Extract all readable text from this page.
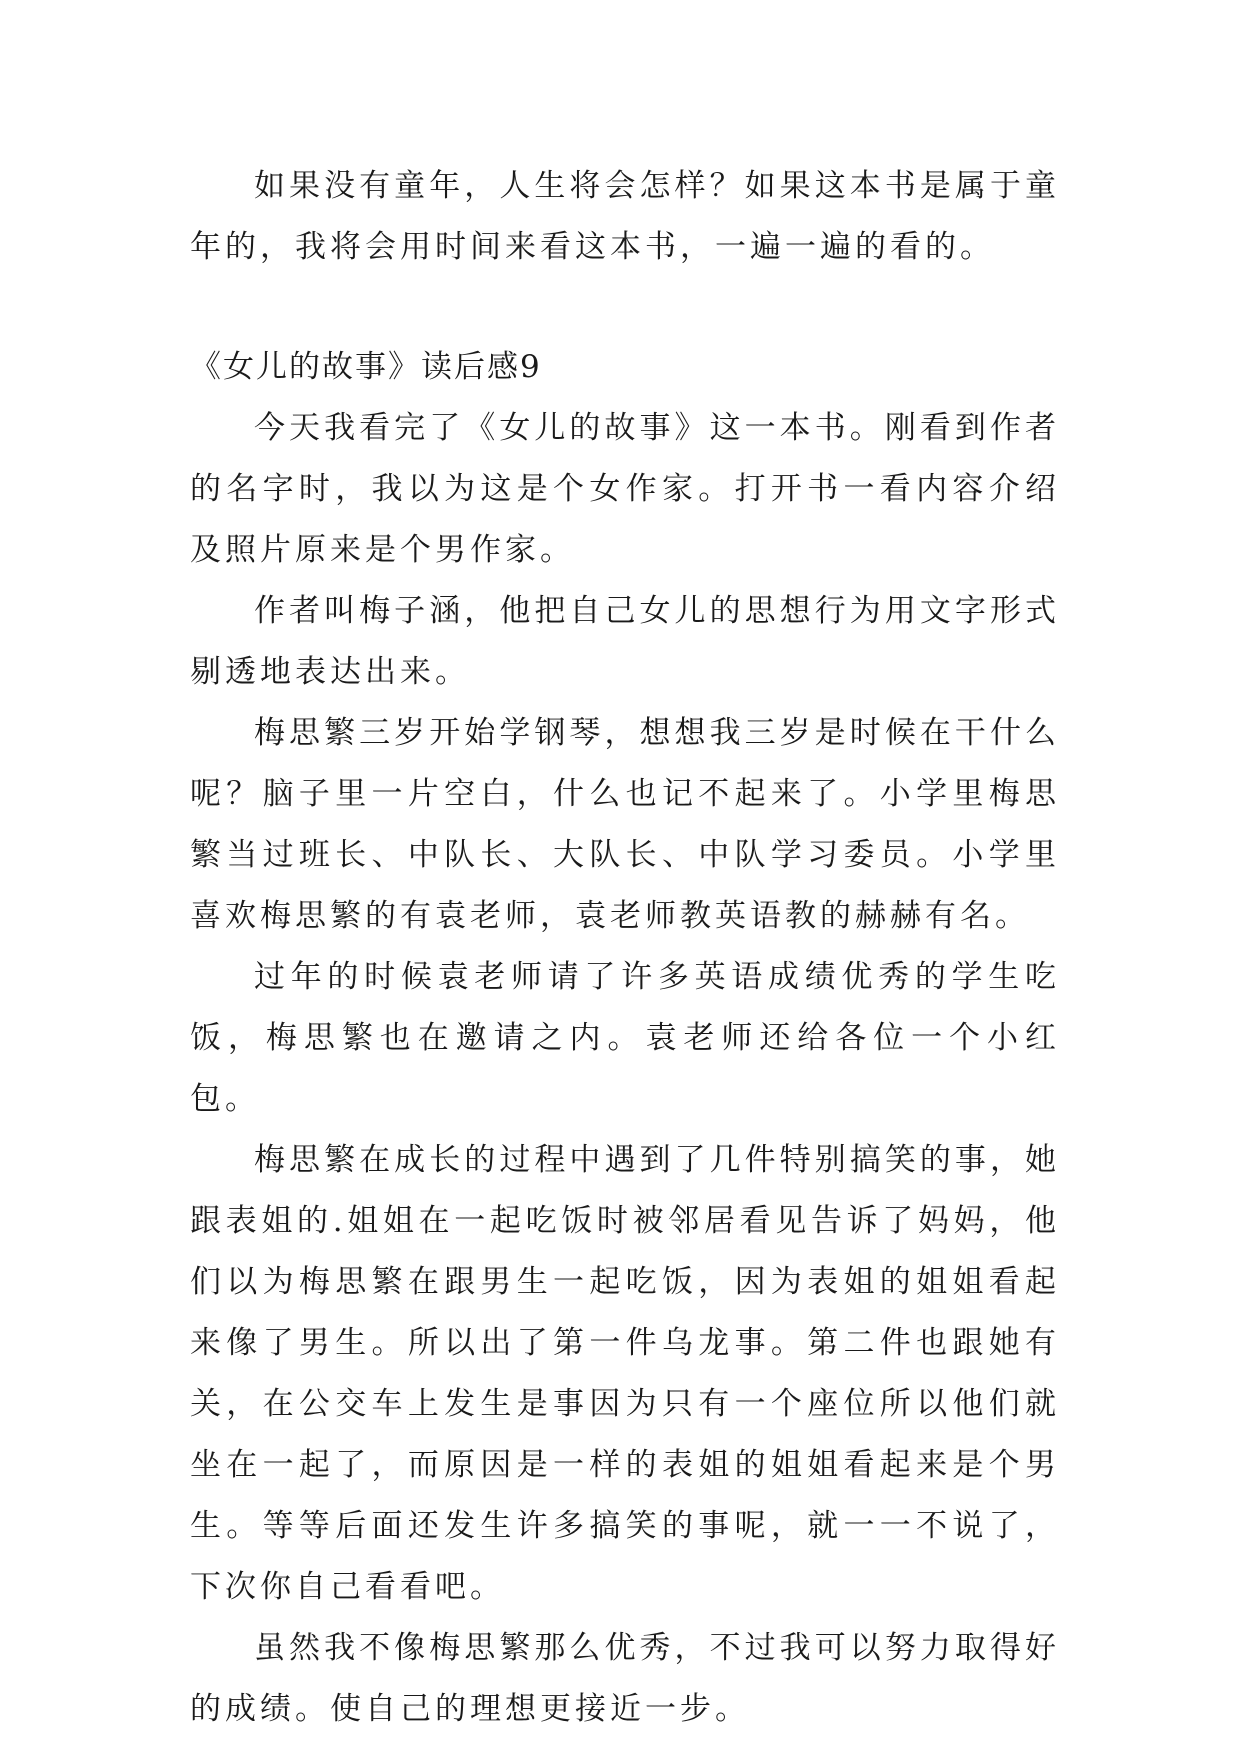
如果没有童年，人生将会怎样？如果这本书是属于童年的，我将会用时间来看这本书，一遍一遍的看的。

《女儿的故事》读后感9

今天我看完了《女儿的故事》这一本书。刚看到作者的名字时，我以为这是个女作家。打开书一看内容介绍及照片原来是个男作家。

作者叫梅子涵，他把自己女儿的思想行为用文字形式剔透地表达出来。

梅思繁三岁开始学钢琴，想想我三岁是时候在干什么呢？脑子里一片空白，什么也记不起来了。小学里梅思繁当过班长、中队长、大队长、中队学习委员。小学里喜欢梅思繁的有袁老师，袁老师教英语教的赫赫有名。

过年的时候袁老师请了许多英语成绩优秀的学生吃饭，梅思繁也在邀请之内。袁老师还给各位一个小红包。

梅思繁在成长的过程中遇到了几件特别搞笑的事，她跟表姐的.姐姐在一起吃饭时被邻居看见告诉了妈妈，他们以为梅思繁在跟男生一起吃饭，因为表姐的姐姐看起来像了男生。所以出了第一件乌龙事。第二件也跟她有关，在公交车上发生是事因为只有一个座位所以他们就坐在一起了，而原因是一样的表姐的姐姐看起来是个男生。等等后面还发生许多搞笑的事呢，就一一不说了，下次你自己看看吧。

虽然我不像梅思繁那么优秀，不过我可以努力取得好的成绩。使自己的理想更接近一步。
